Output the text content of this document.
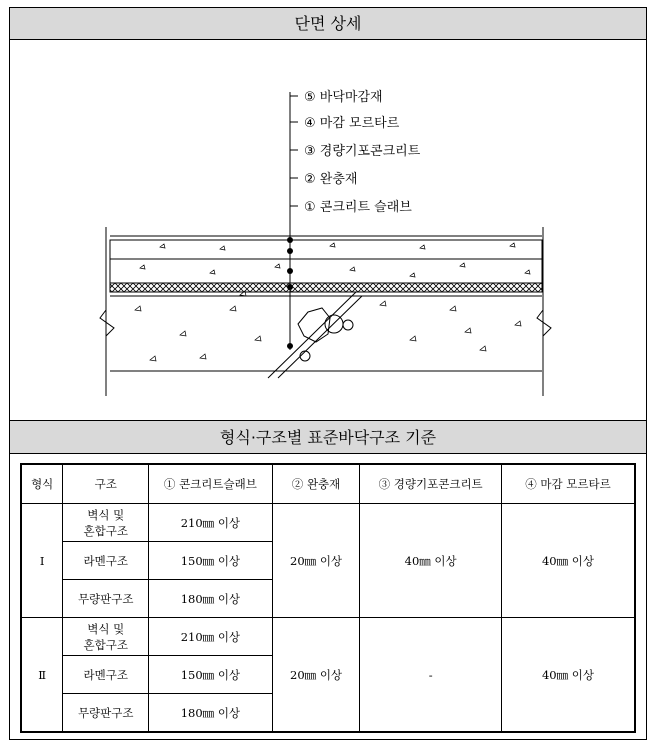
단면 상세
⑤ 바닥마감재
④ 마감 모르타르
③ 경량기포콘크리트
② 완충재
① 콘크리트 슬래브
형식·구조별 표준바닥구조 기준
형식	구조	① 콘크리트슬래브	② 완충재	③ 경량기포콘크리트	④ 마감 모르타르
Ⅰ	벽식 및
혼합구조	210㎜ 이상	20㎜ 이상	40㎜ 이상	40㎜ 이상
	라멘구조	150㎜ 이상			
	무량판구조	180㎜ 이상			
Ⅱ	벽식 및
혼합구조	210㎜ 이상	20㎜ 이상	-	40㎜ 이상
	라멘구조	150㎜ 이상			
	무량판구조	180㎜ 이상			
